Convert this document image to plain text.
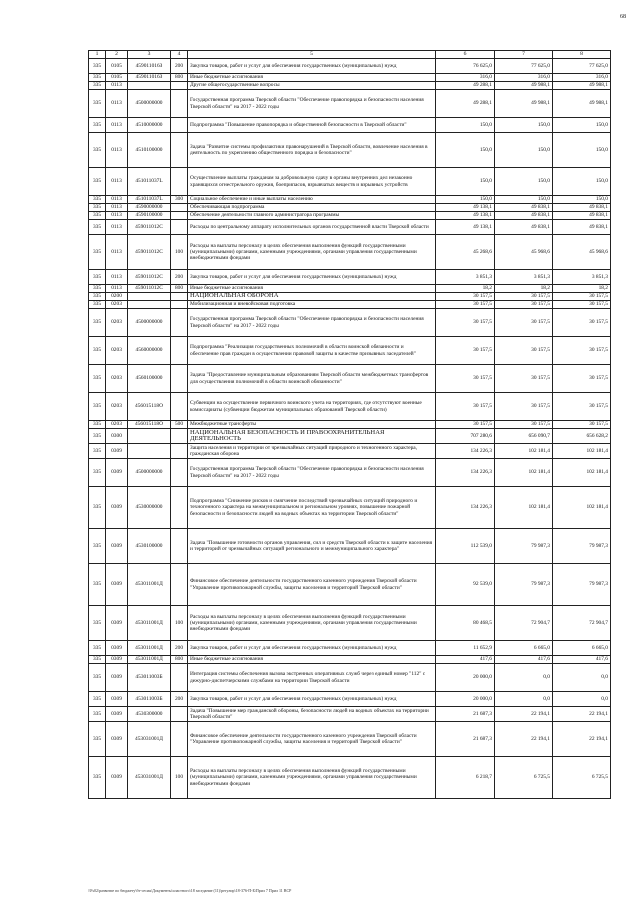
68
1	2	3	4	5	6	7	8
335	0105	459011016З	200	Закупка товаров, работ и услуг для обеспечения государственных (муниципальных) нужд	76 625,0	77 625,0	77 625,0
335	0105	459011016З	800	Иные бюджетные ассигнования	316,0	316,0	316,0
335	0113			Другие общегосударственные вопросы	49 288,1	49 988,1	49 988,1
335	0113	4500000000		Государственная программа Тверской области "Обеспечение правопорядка и безопасности населения Тверской области" на 2017 - 2022 годы	49 288,1	49 988,1	49 988,1
335	0113	4510000000		Подпрограмма "Повышение правопорядка и общественной безопасности в Тверской области"	150,0	150,0	150,0
335	0113	4510100000		Задача "Развитие системы профилактики правонарушений в Тверской области, вовлечение населения в деятельность по укреплению общественного порядка и безопасности"	150,0	150,0	150,0
335	0113	451011037L		Осуществление выплаты гражданам за добровольную сдачу в органы внутренних дел незаконно хранящихся огнестрельного оружия, боеприпасов, взрывчатых веществ и взрывных устройств	150,0	150,0	150,0
335	0113	451011037L	300	Социальное обеспечение и иные выплаты населению	150,0	150,0	150,0
335	0113	4590000000		Обеспечивающая подпрограмма	49 138,1	49 838,1	49 838,1
335	0113	4590100000		Обеспечение деятельности главного администратора программы	49 138,1	49 838,1	49 838,1
335	0113	459011012С		Расходы по центральному аппарату исполнительных органов государственной власти Тверской области	49 138,1	49 838,1	49 838,1
335	0113	459011012С	100	Расходы на выплаты персоналу в целях обеспечения выполнения функций государственными (муниципальными) органами, казенными учреждениями, органами управления государственными внебюджетными фондами	45 268,6	45 968,6	45 968,6
335	0113	459011012С	200	Закупка товаров, работ и услуг для обеспечения государственных (муниципальных) нужд	3 851,3	3 851,3	3 851,3
335	0113	459011012С	800	Иные бюджетные ассигнования	18,2	18,2	18,2
335	0200			НАЦИОНАЛЬНАЯ ОБОРОНА	30 157,5	30 157,5	30 157,5
335	0203			Мобилизационная и вневойсковая подготовка	30 157,5	30 157,5	30 157,5
335	0203	4500000000		Государственная программа Тверской области "Обеспечение правопорядка и безопасности населения Тверской области" на 2017 - 2022 годы	30 157,5	30 157,5	30 157,5
335	0203	4560000000		Подпрограмма "Реализация государственных полномочий в области воинской обязанности и обеспечение прав граждан в осуществлении правовой защиты в качестве призывных заседателей"	30 157,5	30 157,5	30 157,5
335	0203	4560100000		Задача "Предоставление муниципальным образованиям Тверской области межбюджетных трансфертов для осуществления полномочий в области воинской обязанности"	30 157,5	30 157,5	30 157,5
335	0203	456015118О		Субвенции на осуществление первичного воинского учета на территориях, где отсутствуют военные комиссариаты (субвенции бюджетам муниципальных образований Тверской области)	30 157,5	30 157,5	30 157,5
335	0203	456015118О	500	Межбюджетные трансферты	30 157,5	30 157,5	30 157,5
335	0300			НАЦИОНАЛЬНАЯ БЕЗОПАСНОСТЬ И ПРАВООХРАНИТЕЛЬНАЯ ДЕЯТЕЛЬНОСТЬ	707 280,6	656 090,7	656 628,2
335	0309			Защита населения и территории от чрезвычайных ситуаций природного и техногенного характера, гражданская оборона	134 226,3	102 181,4	102 181,4
335	0309	4500000000		Государственная программа Тверской области "Обеспечение правопорядка и безопасности населения Тверской области" на 2017 - 2022 годы	134 226,3	102 181,4	102 181,4
335	0309	4530000000		Подпрограмма "Снижение рисков и смягчение последствий чрезвычайных ситуаций природного и техногенного характера на межмуниципальном и региональном уровнях, повышение пожарной безопасности и безопасности людей на водных объектах на территории Тверской области"	134 226,3	102 181,4	102 181,4
335	0309	4530100000		Задача "Повышение готовности органов управления, сил и средств Тверской области к защите населения и территорий от чрезвычайных ситуаций регионального и межмуниципального характера"	112 539,0	79 987,3	79 987,3
335	0309	453011001Д		Финансовое обеспечение деятельности государственного казенного учреждения Тверской области "Управление противопожарной службы, защиты населения и территорий Тверской области"	92 539,0	79 987,3	79 987,3
335	0309	453011001Д	100	Расходы на выплаты персоналу в целях обеспечения выполнения функций государственными (муниципальными) органами, казенными учреждениями, органами управления государственными внебюджетными фондами	80 468,5	72 904,7	72 904,7
335	0309	453011001Д	200	Закупка товаров, работ и услуг для обеспечения государственных (муниципальных) нужд	11 652,9	6 665,0	6 665,0
335	0309	453011001Д	800	Иные бюджетные ассигнования	417,6	417,6	417,6
335	0309	453011003Б		Интеграция системы обеспечения вызова экстренных оперативных служб через единый номер "112" с дежурно-диспетчерскими службами на территории Тверской области	20 000,0	0,0	0,0
335	0309	453011003Б	200	Закупка товаров, работ и услуг для обеспечения государственных (муниципальных) нужд	20 000,0	0,0	0,0
335	0309	4530300000		Задача "Повышение мер гражданской обороны, безопасности людей на водных объектах на территории Тверской области"	21 687,3	22 194,1	22 194,1
335	0309	453031001Д		Финансовое обеспечение деятельности государственного казенного учреждения Тверской области "Управление противопожарной службы, защиты населения и территорий Тверской области"	21 687,3	22 194,1	22 194,1
335	0309	453031001Д	100	Расходы на выплаты персоналу в целях обеспечения выполнения функций государственными (муниципальными) органами, казенными учреждениями, органами управления государственными внебюджетными фондами	6 218,7	6 725,5	6 725,5
\\Fs02\развитие по бюджету\бт-сесия\Документы\оластного\18 заседание (11)\регулир\18-376-П-Б\Прил 7 Прил 11 ВСР
